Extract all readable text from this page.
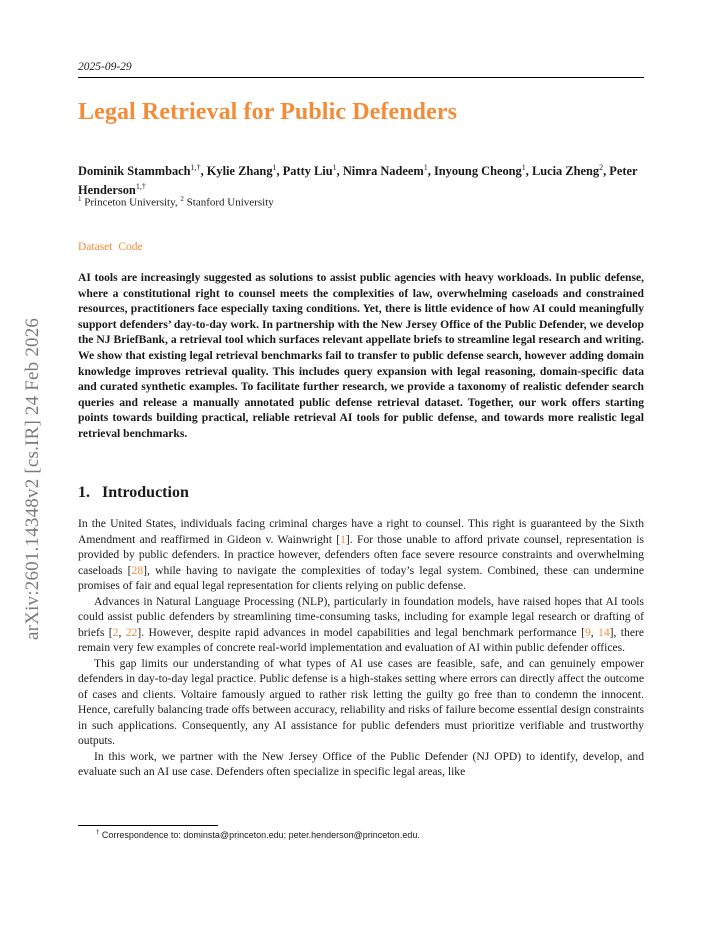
arXiv:2601.14348v2 [cs.IR] 24 Feb 2026
2025-09-29
Legal Retrieval for Public Defenders
Dominik Stammbach$^{1,\dagger}$, Kylie Zhang$^1$, Patty Liu$^1$, Nimra Nadeem$^1$, Inyoung Cheong$^1$, Lucia Zheng$^2$, Peter Henderson$^{1,\dagger}$
$^1$ Princeton University, $^2$ Stanford University
Dataset Code

AI tools are increasingly suggested as solutions to assist public agencies with heavy workloads. In public defense, where a constitutional right to counsel meets the complexities of law, overwhelming caseloads and constrained resources, practitioners face especially taxing conditions. Yet, there is little evidence of how AI could meaningfully support defenders’ day-to-day work. In partnership with the New Jersey Office of the Public Defender, we develop the NJ BriefBank, a retrieval tool which surfaces relevant appellate briefs to streamline legal research and writing. We show that existing legal retrieval benchmarks fail to transfer to public defense search, however adding domain knowledge improves retrieval quality. This includes query expansion with legal reasoning, domain-specific data and curated synthetic examples. To facilitate further research, we provide a taxonomy of realistic defender search queries and release a manually annotated public defense retrieval dataset. Together, our work offers starting points towards building practical, reliable retrieval AI tools for public defense, and towards more realistic legal retrieval benchmarks.

1. Introduction

In the United States, individuals facing criminal charges have a right to counsel. This right is guaranteed by the Sixth Amendment and reaffirmed in Gideon v. Wainwright [1]. For those unable to afford private counsel, representation is provided by public defenders. In practice however, defenders often face severe resource constraints and overwhelming caseloads [28], while having to navigate the complexities of today’s legal system. Combined, these can undermine promises of fair and equal legal representation for clients relying on public defense.

Advances in Natural Language Processing (NLP), particularly in foundation models, have raised hopes that AI tools could assist public defenders by streamlining time-consuming tasks, including for example legal research or drafting of briefs [2, 22]. However, despite rapid advances in model capabilities and legal benchmark performance [9, 14], there remain very few examples of concrete real-world implementation and evaluation of AI within public defender offices.

This gap limits our understanding of what types of AI use cases are feasible, safe, and can genuinely empower defenders in day-to-day legal practice. Public defense is a high-stakes setting where errors can directly affect the outcome of cases and clients. Voltaire famously argued to rather risk letting the guilty go free than to condemn the innocent. Hence, carefully balancing trade offs between accuracy, reliability and risks of failure become essential design constraints in such applications. Consequently, any AI assistance for public defenders must prioritize verifiable and trustworthy outputs.

In this work, we partner with the New Jersey Office of the Public Defender (NJ OPD) to identify, develop, and evaluate such an AI use case. Defenders often specialize in specific legal areas, like

† Correspondence to: dominsta@princeton.edu; peter.henderson@princeton.edu.
